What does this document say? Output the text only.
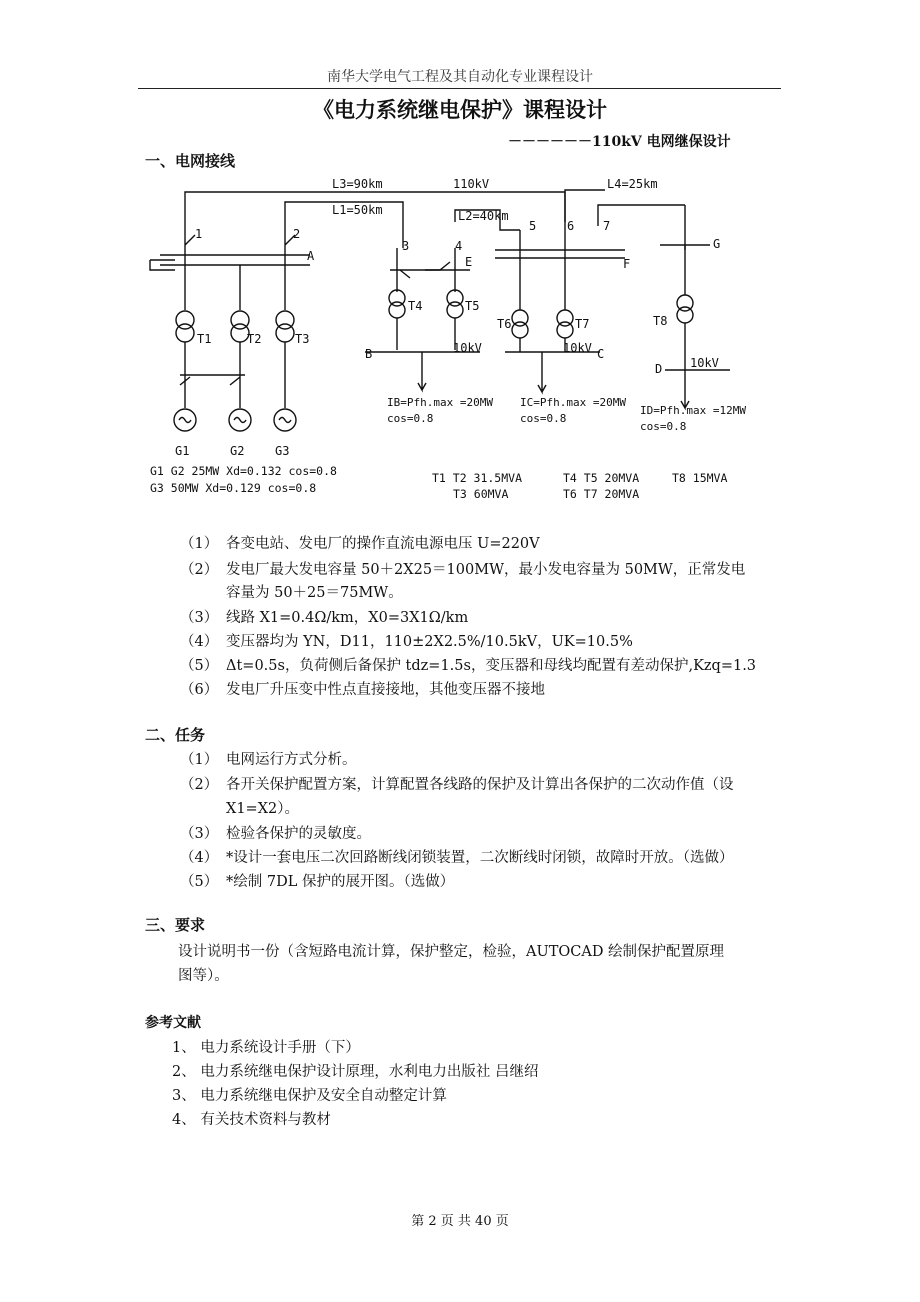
南华大学电气工程及其自动化专业课程设计
《电力系统继电保护》课程设计
－－－－－－110kV 电网继保设计
一、电网接线
L3=90km
L1=50km
110kV	L4=25km
L2=40km
1	2
3	4
5	6 7
A	E	F
G
B	C
D
T1	T2	T3
T4	T5
T6	T7	T8
10kV	10kV
10kV
G1	G2	G3
IB=Pfh.max =20MW
cos=0.8
IC=Pfh.max =20MW
cos=0.8
ID=Pfh.max =12MW
cos=0.8
G1 G2 25MW Xd=0.132 cos=0.8
G3 50MW Xd=0.129 cos=0.8
T1 T2 31.5MVA
T3 60MVA
T4 T5 20MVA
T6 T7 20MVA
T8 15MVA
（1） 各变电站、发电厂的操作直流电源电压 U=220V
（2） 发电厂最大发电容量 50＋2X25＝100MW，最小发电容量为 50MW，正常发电
容量为 50＋25＝75MW。
（3） 线路 X1=0.4Ω/km，X0=3X1Ω/km
（4） 变压器均为 YN，D11，110±2X2.5%/10.5kV，UK=10.5%
（5） Δt=0.5s，负荷侧后备保护 tdz=1.5s，变压器和母线均配置有差动保护,Kzq=1.3
（6） 发电厂升压变中性点直接接地，其他变压器不接地
二、任务
（1） 电网运行方式分析。
（2） 各开关保护配置方案，计算配置各线路的保护及计算出各保护的二次动作值（设
X1=X2）。
（3） 检验各保护的灵敏度。
（4） *设计一套电压二次回路断线闭锁装置，二次断线时闭锁，故障时开放。（选做）
（5） *绘制 7DL 保护的展开图。（选做）
三、要求
设计说明书一份（含短路电流计算，保护整定，检验，AUTOCAD 绘制保护配置原理
图等）。
参考文献
1、 电力系统设计手册（下）
2、 电力系统继电保护设计原理，水利电力出版社 吕继绍
3、 电力系统继电保护及安全自动整定计算
4、 有关技术资料与教材
第 2 页 共 40 页
